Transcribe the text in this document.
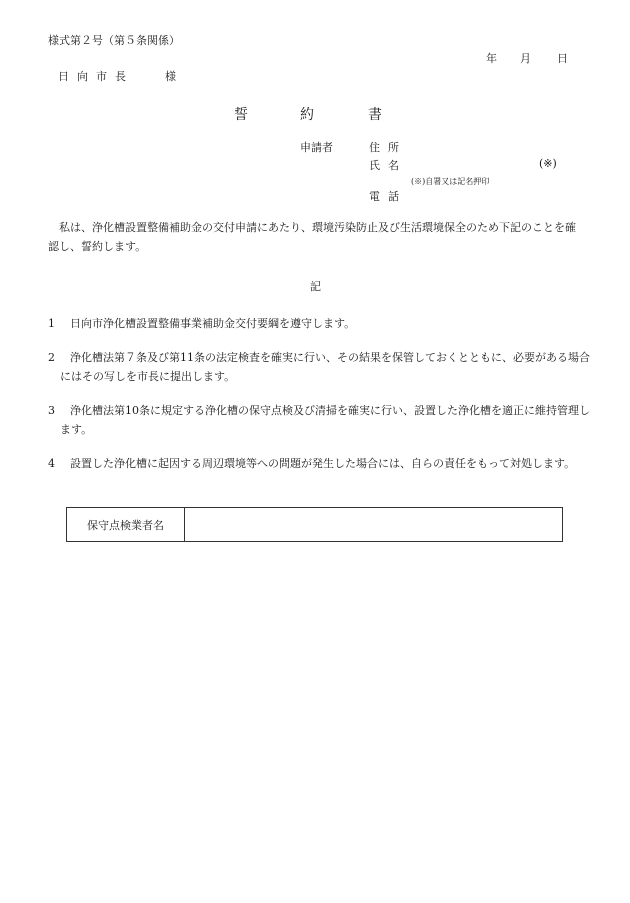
様式第２号（第５条関係）
年 月 日
日向市長	様
誓	約	書
申請者	住所
氏名	(※)
(※)自署又は記名押印
電話
私は、浄化槽設置整備補助金の交付申請にあたり、環境汚染防止及び生活環境保全のため下記のことを確認し、誓約します。
記
1 日向市浄化槽設置整備事業補助金交付要綱を遵守します。
2 浄化槽法第７条及び第11条の法定検査を確実に行い、その結果を保管しておくとともに、必要がある場合にはその写しを市長に提出します。
3 浄化槽法第10条に規定する浄化槽の保守点検及び清掃を確実に行い、設置した浄化槽を適正に維持管理します。
4 設置した浄化槽に起因する周辺環境等への問題が発生した場合には、自らの責任をもって対処します。
保守点検業者名	
